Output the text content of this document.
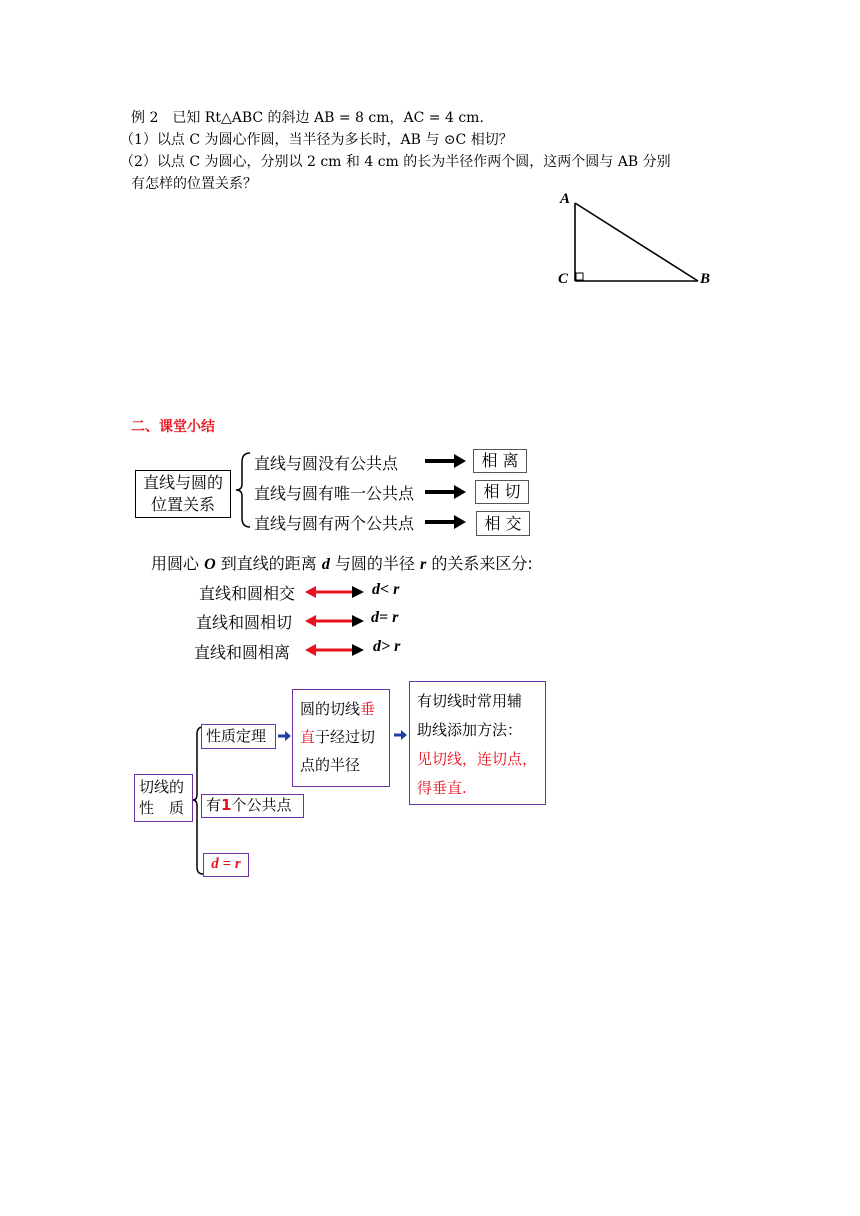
例 2　已知 Rt△ABC 的斜边 AB = 8 cm，AC = 4 cm.
（1）以点 C 为圆心作圆，当半径为多长时，AB 与 ⊙C 相切？
（2）以点 C 为圆心，分别以 2 cm 和 4 cm 的长为半径作两个圆，这两个圆与 AB 分别
有怎样的位置关系？
A
C	B
二、课堂小结
直线与圆的
位置关系
直线与圆没有公共点
直线与圆有唯一公共点
直线与圆有两个公共点
相 离
相 切
相 交
用圆心 O 到直线的距离 d 与圆的半径 r 的关系来区分:
直线和圆相交
直线和圆相切
直线和圆相离
d< r
d= r
d> r
切线的
性　质
性质定理
圆的切线垂
直于经过切
点的半径
有切线时常用辅
助线添加方法：
见切线，连切点，
得垂直.
有1个公共点
d = r
